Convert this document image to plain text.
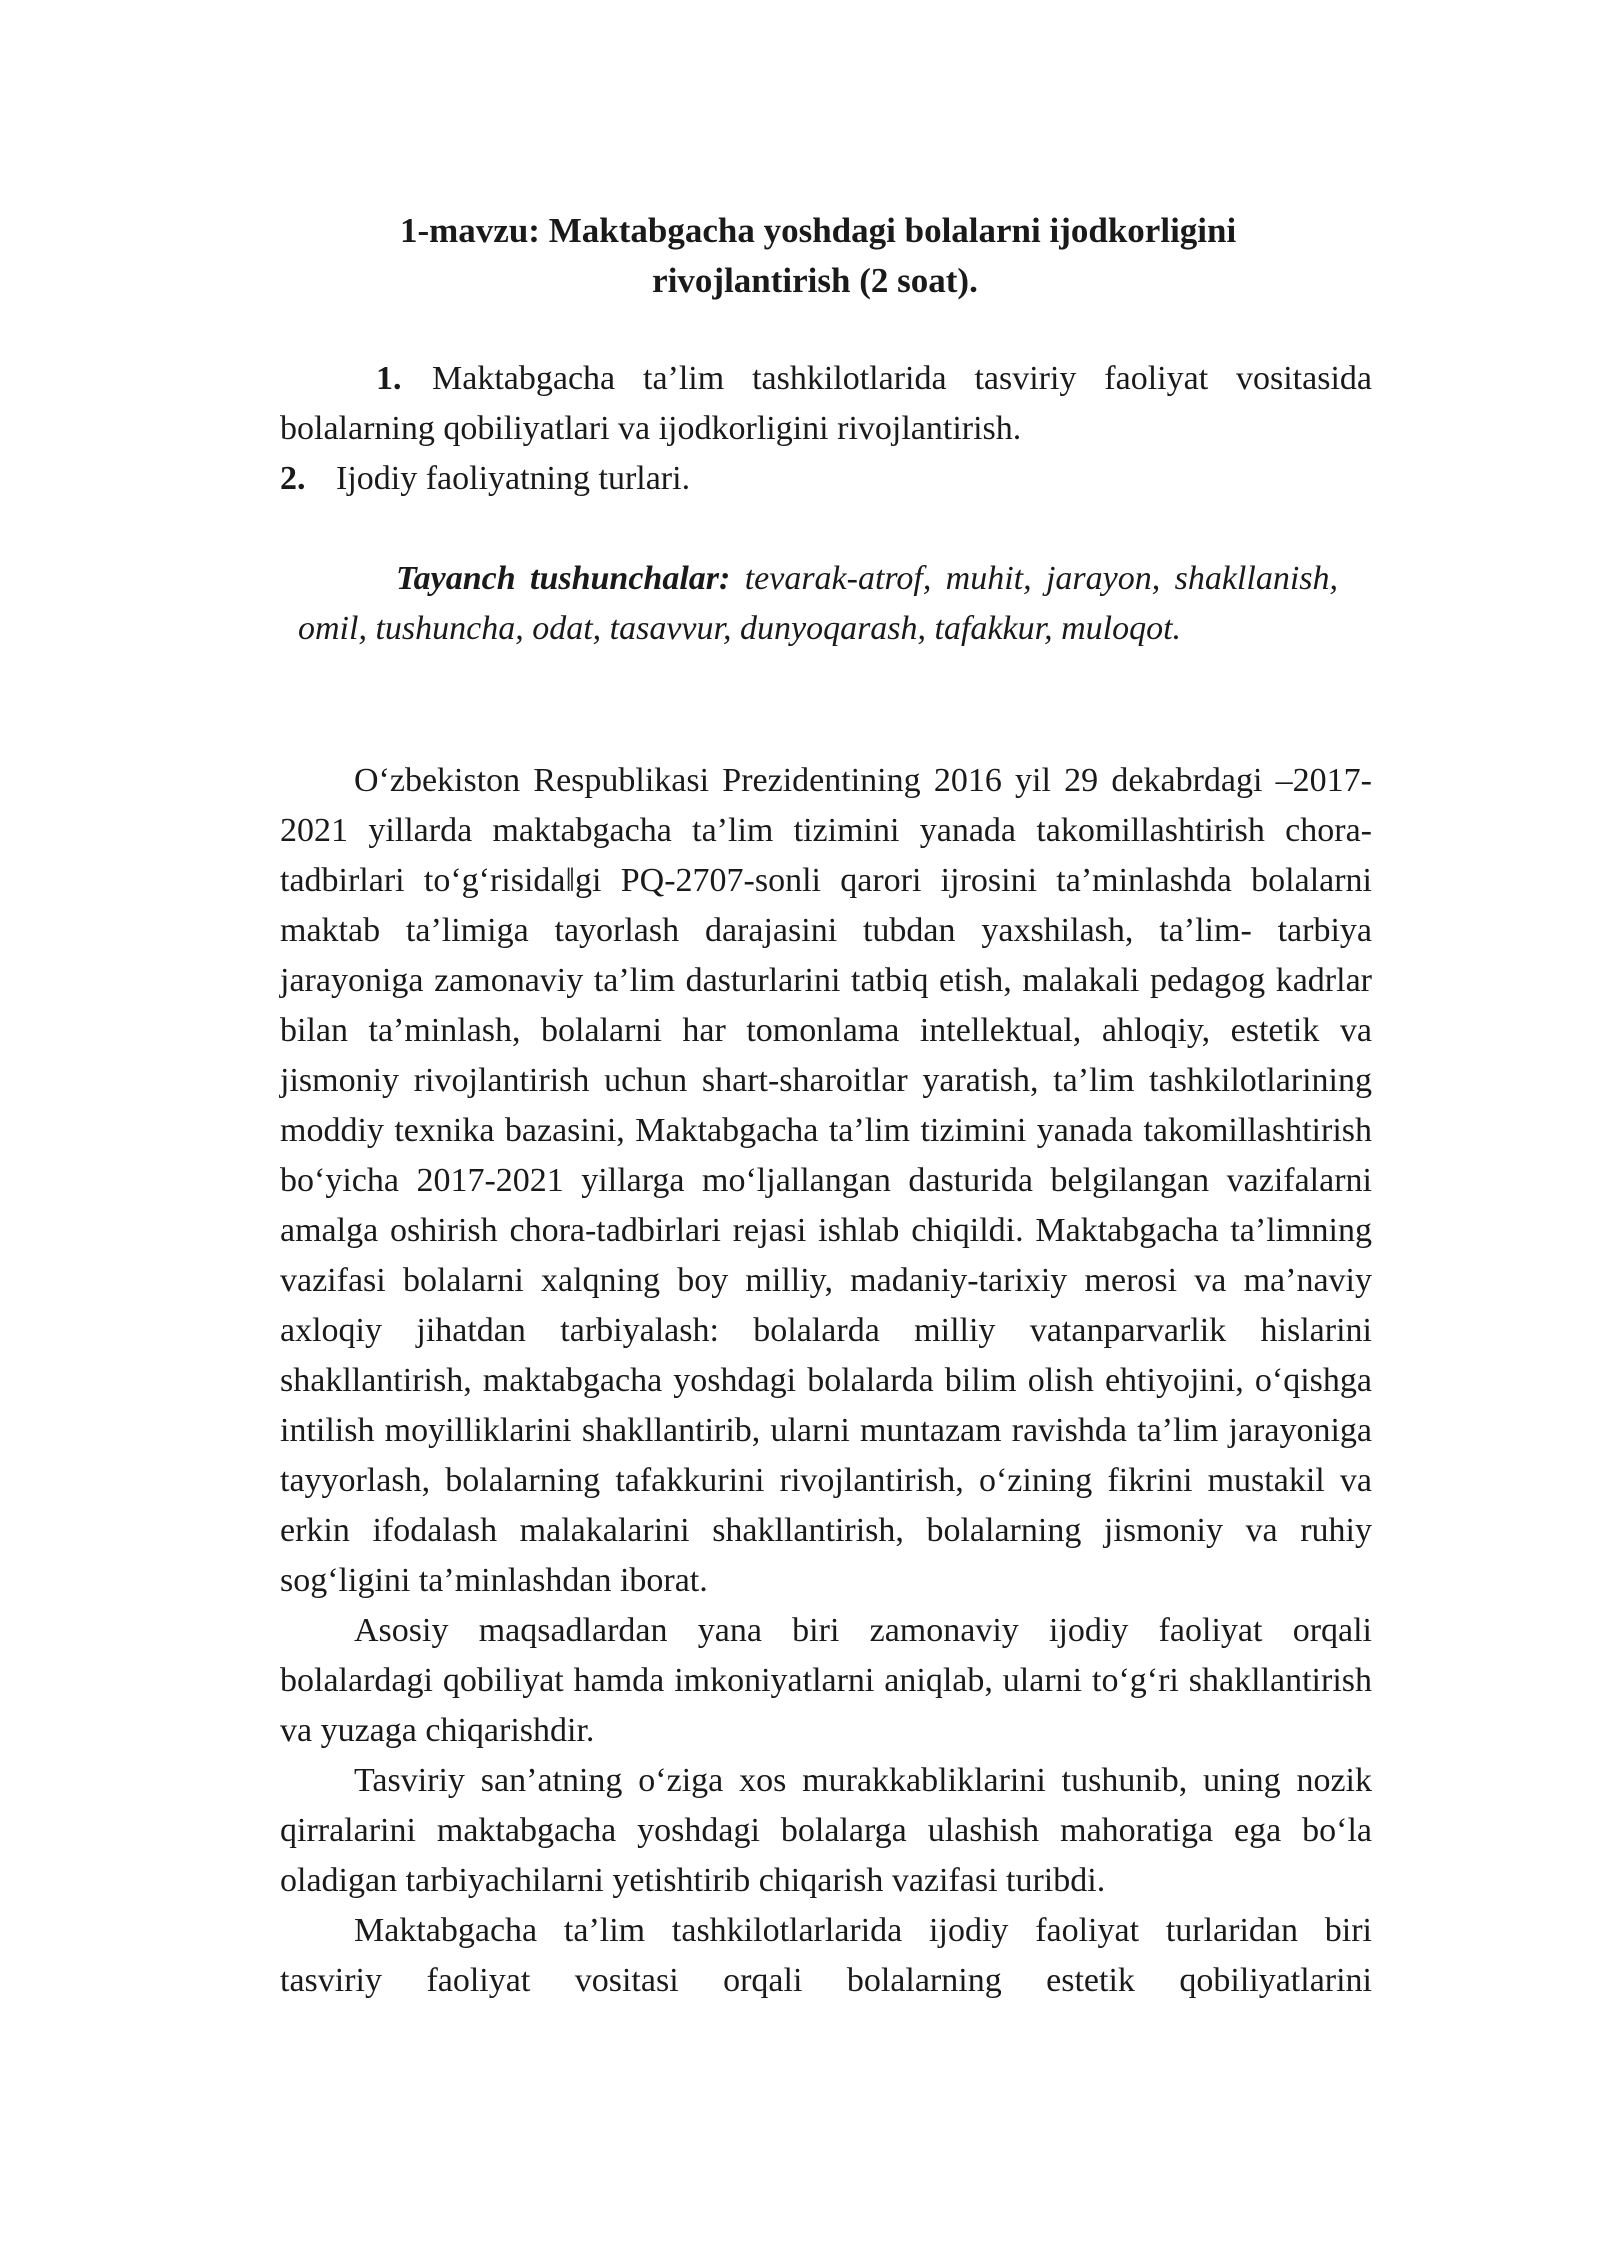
1-mavzu: Maktabgacha yoshdagi bolalarni ijodkorligini
rivojlantirish (2 soat).
1. Maktabgacha ta’lim tashkilotlarida tasviriy faoliyat vositasida bolalarning qobiliyatlari va ijodkorligini rivojlantirish.
2. Ijodiy faoliyatning turlari.

Tayanch tushunchalar: tevarak-atrof, muhit, jarayon, shakllanish, omil, tushuncha, odat, tasavvur, dunyoqarash, tafakkur, muloqot.

O‘zbekiston Respublikasi Prezidentining 2016 yil 29 dekabrdagi –2017-2021 yillarda maktabgacha ta’lim tizimini yanada takomillashtirish chora-tadbirlari to‘g‘risida‖gi PQ-2707-sonli qarori ijrosini ta’minlashda bolalarni maktab ta’limiga tayorlash darajasini tubdan yaxshilash, ta’lim- tarbiya jarayoniga zamonaviy ta’lim dasturlarini tatbiq etish, malakali pedagog kadrlar bilan ta’minlash, bolalarni har tomonlama intellektual, ahloqiy, estetik va jismoniy rivojlantirish uchun shart-sharoitlar yaratish, ta’lim tashkilotlarining moddiy texnika bazasini, Maktabgacha ta’lim tizimini yanada takomillashtirish bo‘yicha 2017-2021 yillarga mo‘ljallangan dasturida belgilangan vazifalarni amalga oshirish chora-tadbirlari rejasi ishlab chiqildi. Maktabgacha ta’limning vazifasi bolalarni xalqning boy milliy, madaniy-tarixiy merosi va ma’naviy axloqiy jihatdan tarbiyalash: bolalarda milliy vatanparvarlik hislarini shakllantirish, maktabgacha yoshdagi bolalarda bilim olish ehtiyojini, o‘qishga intilish moyilliklarini shakllantirib, ularni muntazam ravishda ta’lim jarayoniga tayyorlash, bolalarning tafakkurini rivojlantirish, o‘zining fikrini mustakil va erkin ifodalash malakalarini shakllantirish, bolalarning jismoniy va ruhiy sog‘ligini ta’minlashdan iborat.

Asosiy maqsadlardan yana biri zamonaviy ijodiy faoliyat orqali bolalardagi qobiliyat hamda imkoniyatlarni aniqlab, ularni to‘g‘ri shakllantirish va yuzaga chiqarishdir.

Tasviriy san’atning o‘ziga xos murakkabliklarini tushunib, uning nozik qirralarini maktabgacha yoshdagi bolalarga ulashish mahoratiga ega bo‘la oladigan tarbiyachilarni yetishtirib chiqarish vazifasi turibdi.

Maktabgacha ta’lim tashkilotlarlarida ijodiy faoliyat turlaridan biri tasviriy faoliyat vositasi orqali bolalarning estetik qobiliyatlarini
